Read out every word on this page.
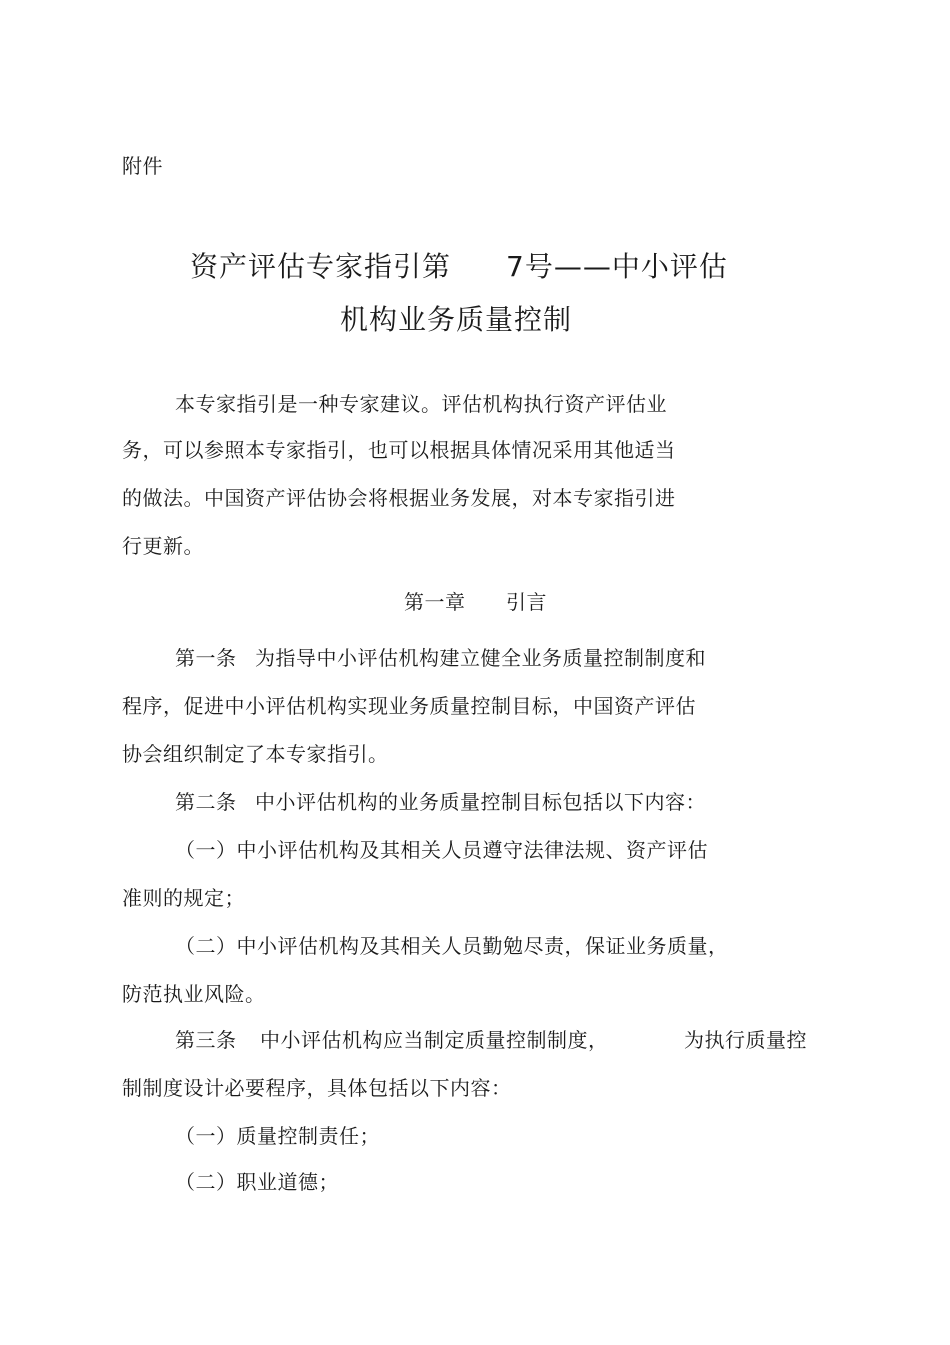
附件
资产评估专家指引第 7号——中小评估
机构业务质量控制
本专家指引是一种专家建议。评估机构执行资产评估业
务，可以参照本专家指引，也可以根据具体情况采用其他适当
的做法。中国资产评估协会将根据业务发展，对本专家指引进
行更新。
第一章 引言
第一条 为指导中小评估机构建立健全业务质量控制制度和
程序，促进中小评估机构实现业务质量控制目标，中国资产评估
协会组织制定了本专家指引。
第二条 中小评估机构的业务质量控制目标包括以下内容：
（一）中小评估机构及其相关人员遵守法律法规、资产评估
准则的规定；
（二）中小评估机构及其相关人员勤勉尽责，保证业务质量，
防范执业风险。
第三条 中小评估机构应当制定质量控制制度，	为执行质量控
制制度设计必要程序，具体包括以下内容：
（一）质量控制责任；
（二）职业道德；
